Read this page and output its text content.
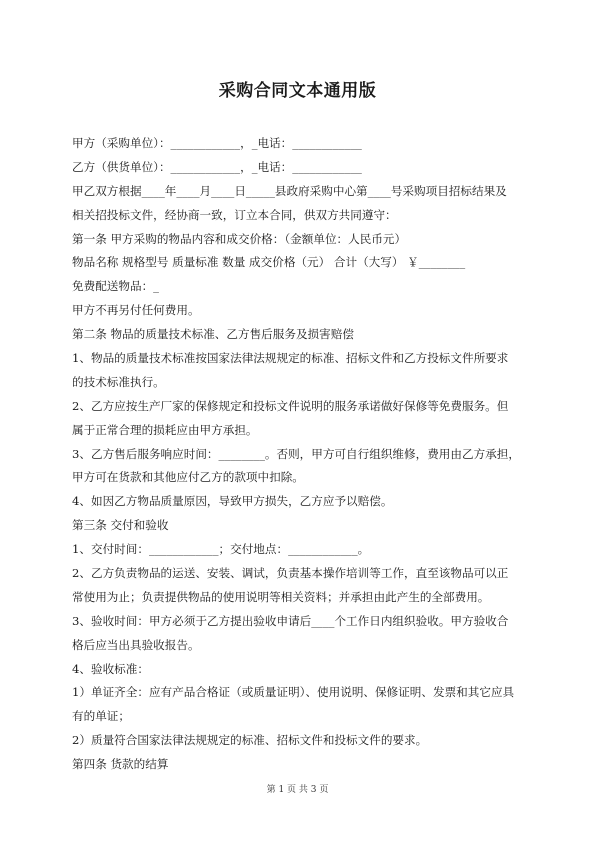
采购合同文本通用版
甲方（采购单位）：____________，_电话：____________
乙方（供货单位）：____________，_电话：____________
甲乙双方根据____年____月____日_____县政府采购中心第____号采购项目招标结果及
相关招投标文件，经协商一致，订立本合同，供双方共同遵守：
第一条 甲方采购的物品内容和成交价格：（金额单位：人民币元）
物品名称 规格型号 质量标准 数量 成交价格（元） 合计（大写） ￥________
免费配送物品：_
甲方不再另付任何费用。
第二条 物品的质量技术标准、乙方售后服务及损害赔偿
1、物品的质量技术标准按国家法律法规规定的标准、招标文件和乙方投标文件所要求
的技术标准执行。
2、乙方应按生产厂家的保修规定和投标文件说明的服务承诺做好保修等免费服务。但
属于正常合理的损耗应由甲方承担。
3、乙方售后服务响应时间：________。否则，甲方可自行组织维修，费用由乙方承担，
甲方可在货款和其他应付乙方的款项中扣除。
4、如因乙方物品质量原因，导致甲方损失，乙方应予以赔偿。
第三条 交付和验收
1、交付时间：____________；交付地点：____________。
2、乙方负责物品的运送、安装、调试，负责基本操作培训等工作，直至该物品可以正
常使用为止；负责提供物品的使用说明等相关资料；并承担由此产生的全部费用。
3、验收时间：甲方必须于乙方提出验收申请后____个工作日内组织验收。甲方验收合
格后应当出具验收报告。
4、验收标准：
1）单证齐全：应有产品合格证（或质量证明）、使用说明、保修证明、发票和其它应具
有的单证；
2）质量符合国家法律法规规定的标准、招标文件和投标文件的要求。
第四条 货款的结算
第 1 页 共 3 页
